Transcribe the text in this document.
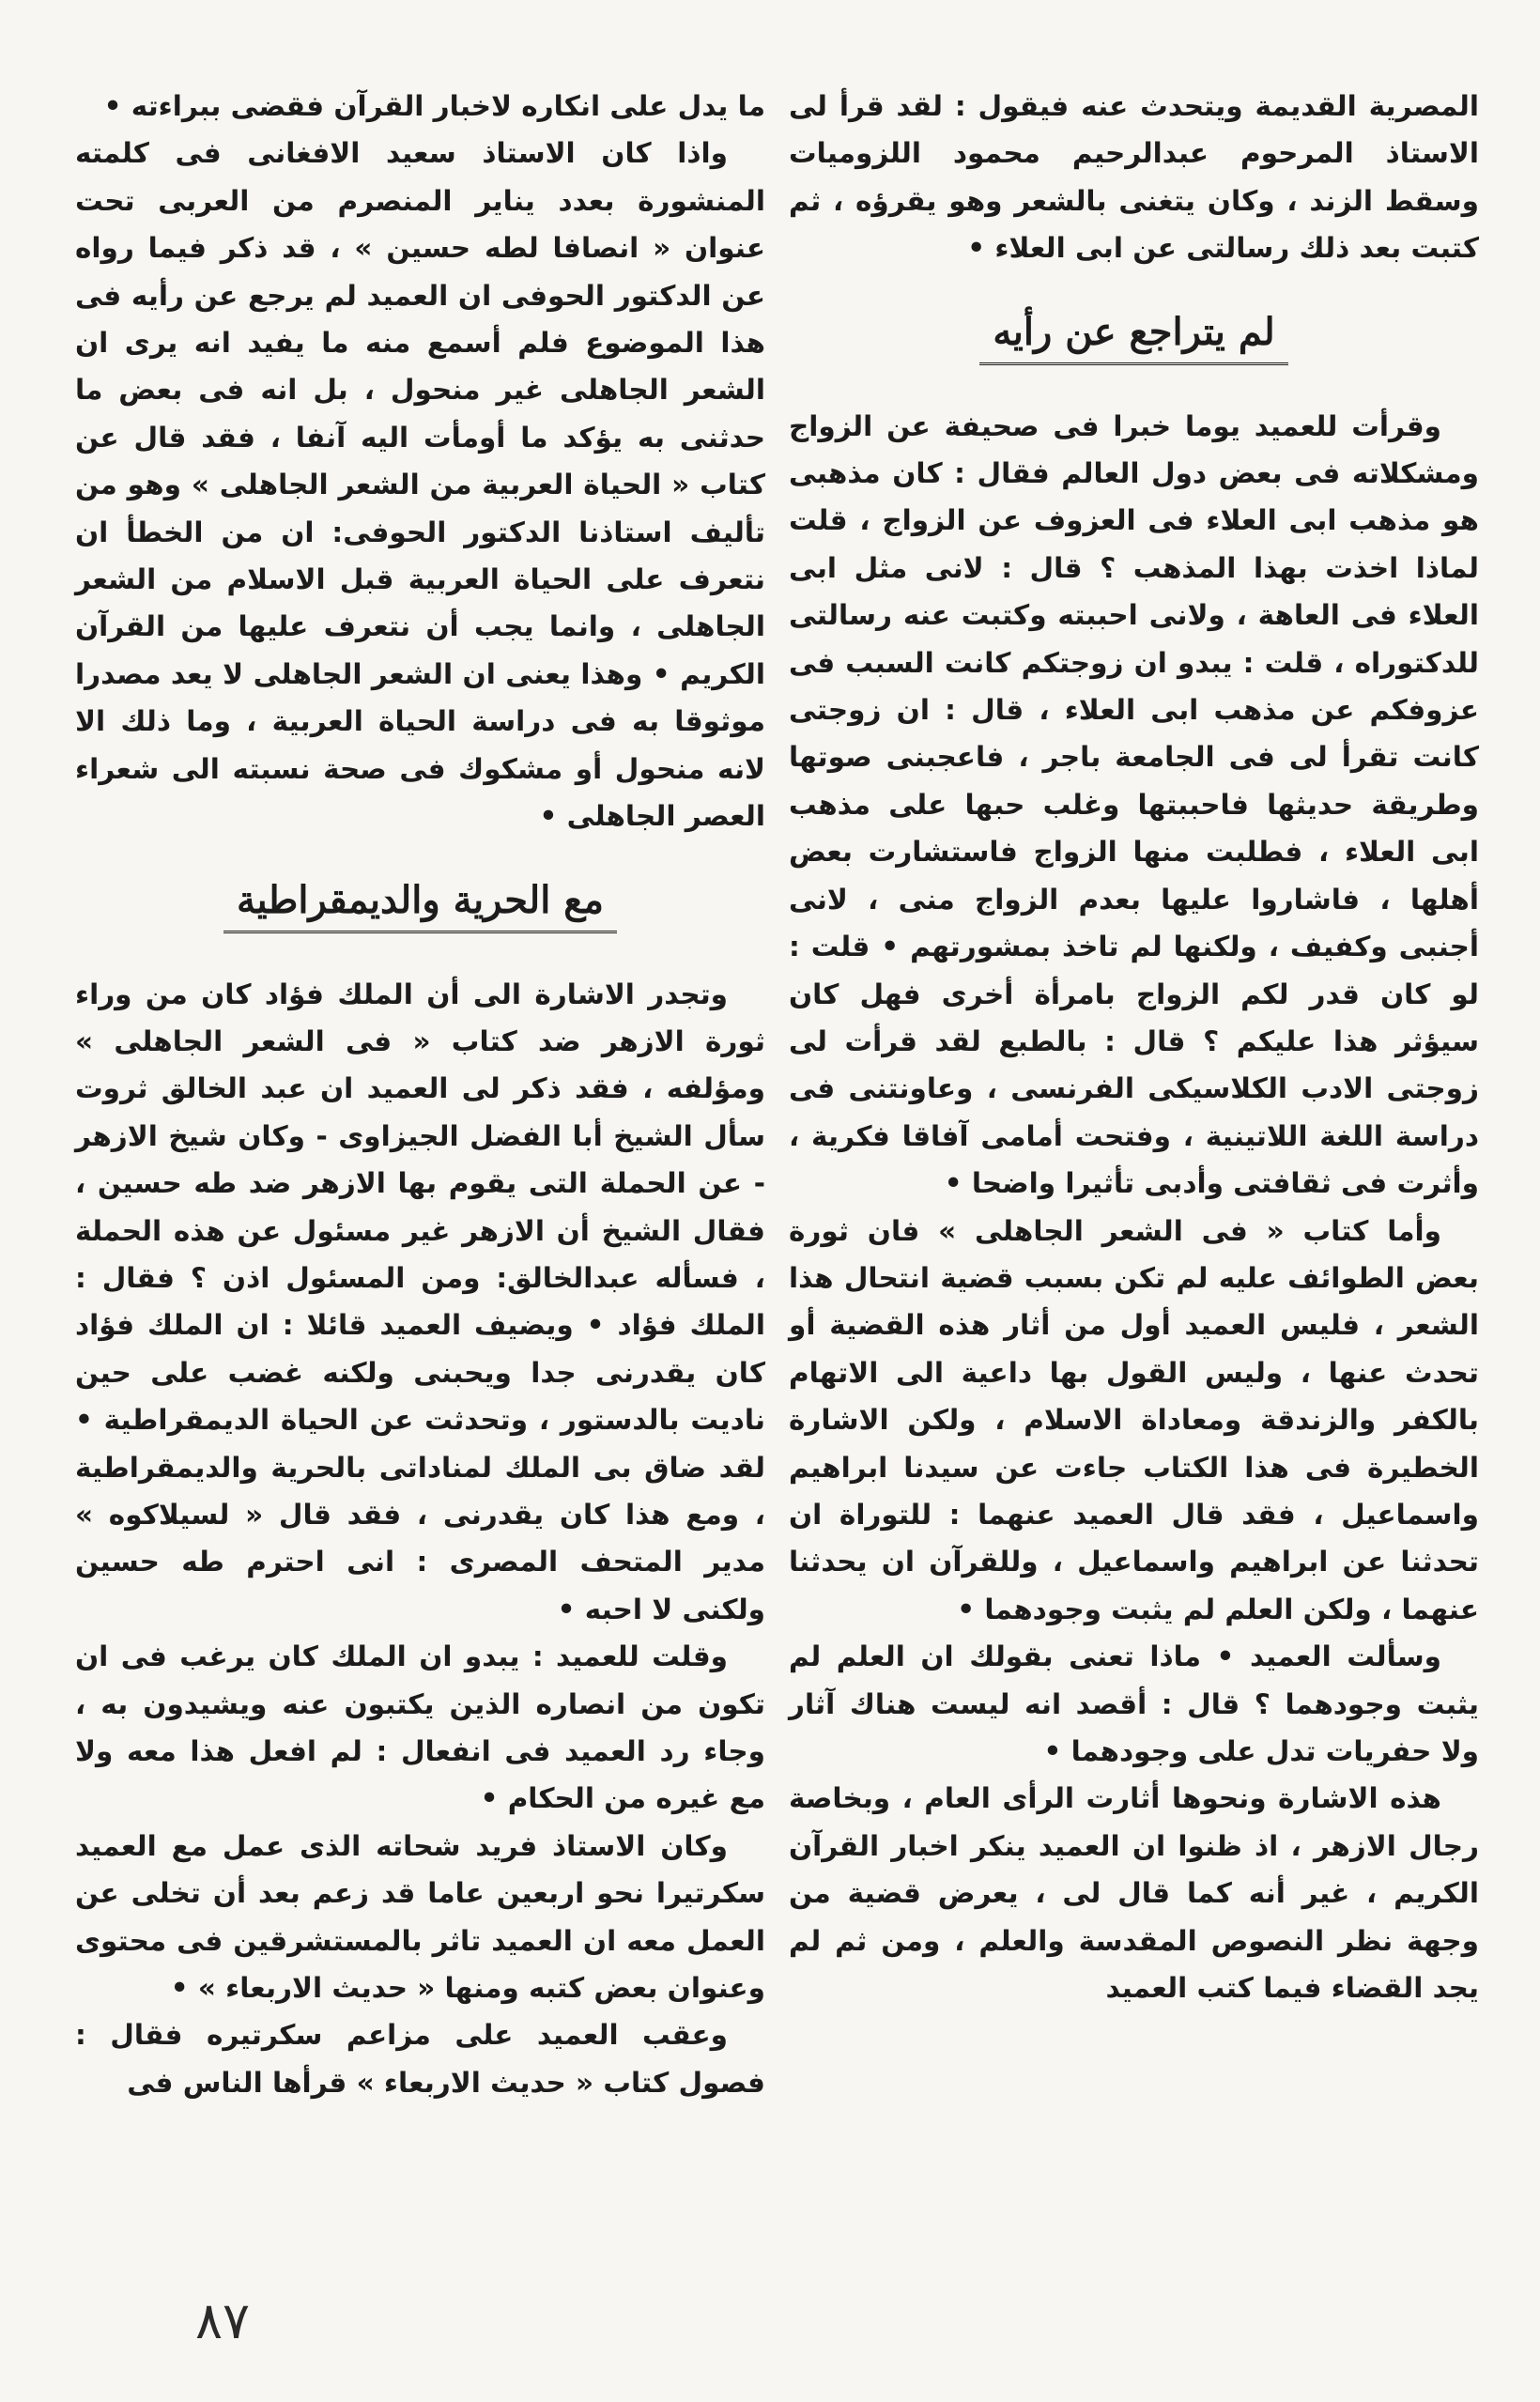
المصرية القديمة ويتحدث عنه فيقول : لقد قرأ لى الاستاذ المرحوم عبدالرحيم محمود اللزوميات وسقط الزند ، وكان يتغنى بالشعر وهو يقرؤه ، ثم كتبت بعد ذلك رسالتى عن ابى العلاء •

لم يتراجع عن رأيه

وقرأت للعميد يوما خبرا فى صحيفة عن الزواج ومشكلاته فى بعض دول العالم فقال : كان مذهبى هو مذهب ابى العلاء فى العزوف عن الزواج ، قلت لماذا اخذت بهذا المذهب ؟ قال : لانى مثل ابى العلاء فى العاهة ، ولانى احببته وكتبت عنه رسالتى للدكتوراه ، قلت : يبدو ان زوجتكم كانت السبب فى عزوفكم عن مذهب ابى العلاء ، قال : ان زوجتى كانت تقرأ لى فى الجامعة باجر ، فاعجبنى صوتها وطريقة حديثها فاحببتها وغلب حبها على مذهب ابى العلاء ، فطلبت منها الزواج فاستشارت بعض أهلها ، فاشاروا عليها بعدم الزواج منى ، لانى أجنبى وكفيف ، ولكنها لم تاخذ بمشورتهم • قلت : لو كان قدر لكم الزواج بامرأة أخرى فهل كان سيؤثر هذا عليكم ؟ قال : بالطبع لقد قرأت لى زوجتى الادب الكلاسيكى الفرنسى ، وعاونتنى فى دراسة اللغة اللاتينية ، وفتحت أمامى آفاقا فكرية ، وأثرت فى ثقافتى وأدبى تأثيرا واضحا •

وأما كتاب « فى الشعر الجاهلى » فان ثورة بعض الطوائف عليه لم تكن بسبب قضية انتحال هذا الشعر ، فليس العميد أول من أثار هذه القضية أو تحدث عنها ، وليس القول بها داعية الى الاتهام بالكفر والزندقة ومعاداة الاسلام ، ولكن الاشارة الخطيرة فى هذا الكتاب جاءت عن سيدنا ابراهيم واسماعيل ، فقد قال العميد عنهما : للتوراة ان تحدثنا عن ابراهيم واسماعيل ، وللقرآن ان يحدثنا عنهما ، ولكن العلم لم يثبت وجودهما •

وسألت العميد • ماذا تعنى بقولك ان العلم لم يثبت وجودهما ؟ قال : أقصد انه ليست هناك آثار ولا حفريات تدل على وجودهما •

هذه الاشارة ونحوها أثارت الرأى العام ، وبخاصة رجال الازهر ، اذ ظنوا ان العميد ينكر اخبار القرآن الكريم ، غير أنه كما قال لى ، يعرض قضية من وجهة نظر النصوص المقدسة والعلم ، ومن ثم لم يجد القضاء فيما كتب العميد

ما يدل على انكاره لاخبار القرآن فقضى ببراءته •

واذا كان الاستاذ سعيد الافغانى فى كلمته المنشورة بعدد يناير المنصرم من العربى تحت عنوان « انصافا لطه حسين » ، قد ذكر فيما رواه عن الدكتور الحوفى ان العميد لم يرجع عن رأيه فى هذا الموضوع فلم أسمع منه ما يفيد انه يرى ان الشعر الجاهلى غير منحول ، بل انه فى بعض ما حدثنى به يؤكد ما أومأت اليه آنفا ، فقد قال عن كتاب « الحياة العربية من الشعر الجاهلى » وهو من تأليف استاذنا الدكتور الحوفى: ان من الخطأ ان نتعرف على الحياة العربية قبل الاسلام من الشعر الجاهلى ، وانما يجب أن نتعرف عليها من القرآن الكريم • وهذا يعنى ان الشعر الجاهلى لا يعد مصدرا موثوقا به فى دراسة الحياة العربية ، وما ذلك الا لانه منحول أو مشكوك فى صحة نسبته الى شعراء العصر الجاهلى •

مع الحرية والديمقراطية

وتجدر الاشارة الى أن الملك فؤاد كان من وراء ثورة الازهر ضد كتاب « فى الشعر الجاهلى » ومؤلفه ، فقد ذكر لى العميد ان عبد الخالق ثروت سأل الشيخ أبا الفضل الجيزاوى - وكان شيخ الازهر - عن الحملة التى يقوم بها الازهر ضد طه حسين ، فقال الشيخ أن الازهر غير مسئول عن هذه الحملة ، فسأله عبدالخالق: ومن المسئول اذن ؟ فقال : الملك فؤاد • ويضيف العميد قائلا : ان الملك فؤاد كان يقدرنى جدا ويحبنى ولكنه غضب على حين ناديت بالدستور ، وتحدثت عن الحياة الديمقراطية • لقد ضاق بى الملك لمناداتى بالحرية والديمقراطية ، ومع هذا كان يقدرنى ، فقد قال « لسيلاكوه » مدير المتحف المصرى : انى احترم طه حسين ولكنى لا احبه •

وقلت للعميد : يبدو ان الملك كان يرغب فى ان تكون من انصاره الذين يكتبون عنه ويشيدون به ، وجاء رد العميد فى انفعال : لم افعل هذا معه ولا مع غيره من الحكام •

وكان الاستاذ فريد شحاته الذى عمل مع العميد سكرتيرا نحو اربعين عاما قد زعم بعد أن تخلى عن العمل معه ان العميد تاثر بالمستشرقين فى محتوى وعنوان بعض كتبه ومنها « حديث الاربعاء » •

وعقب العميد على مزاعم سكرتيره فقال : فصول كتاب « حديث الاربعاء » قرأها الناس فى

٨٧
